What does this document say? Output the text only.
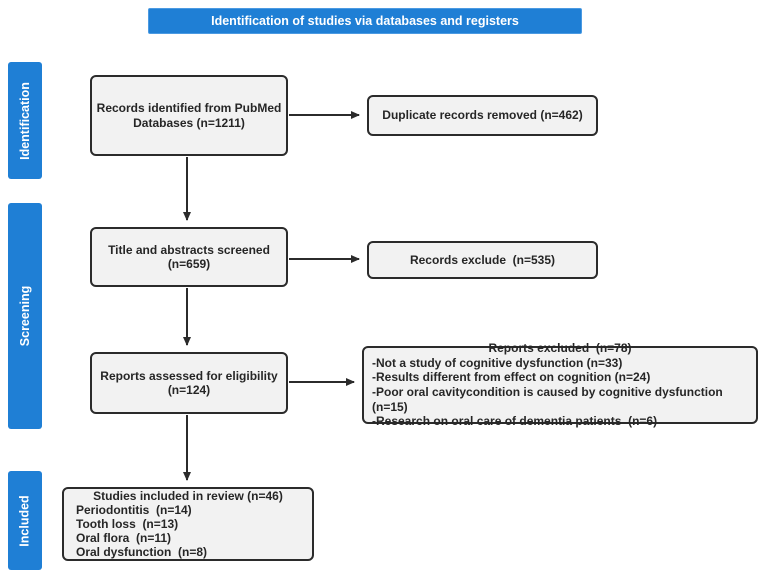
Identification of studies via databases and registers
Identification
Screening
Included
Records identified from PubMed
Databases (n=1211)
Duplicate records removed (n=462)
Title and abstracts screened
(n=659)	Records exclude  (n=535)
Reports assessed for eligibility
(n=124)
Reports excluded  (n=78)
-Not a study of cognitive dysfunction (n=33)
-Results different from effect on cognition (n=24)
-Poor oral cavitycondition is caused by cognitive dysfunction (n=15)
-Research on oral care of dementia patients  (n=6)
Studies included in review (n=46)
Periodontitis  (n=14)
Tooth loss  (n=13)
Oral flora  (n=11)
Oral dysfunction  (n=8)
